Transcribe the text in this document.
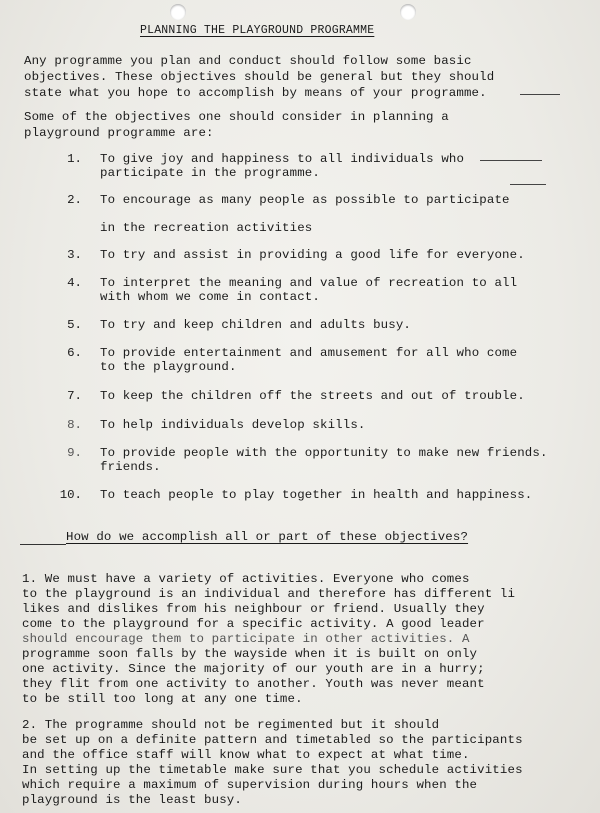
PLANNING THE PLAYGROUND PROGRAMME
Any programme you plan and conduct should follow some basic
objectives. These objectives should be general but they should
state what you hope to accomplish by means of your programme.
Some of the objectives one should consider in planning a
playground programme are:
1. To give joy and happiness to all individuals who
participate in the programme.
2. To encourage as many people as possible to participate
in the recreation activities
3. To try and assist in providing a good life for everyone.
4. To interpret the meaning and value of recreation to all
with whom we come in contact.
5. To try and keep children and adults busy.
6. To provide entertainment and amusement for all who come
to the playground.
7. To keep the children off the streets and out of trouble.
8. To help individuals develop skills.
9. To provide people with the opportunity to make new friends.
friends.
10. To teach people to play together in health and happiness.
How do we accomplish all or part of these objectives?
1. We must have a variety of activities. Everyone who comes
to the playground is an individual and therefore has different li
likes and dislikes from his neighbour or friend. Usually they
come to the playground for a specific activity. A good leader
should encourage them to participate in other activities. A
programme soon falls by the wayside when it is built on only
one activity. Since the majority of our youth are in a hurry;
they flit from one activity to another. Youth was never meant
to be still too long at any one time.
2. The programme should not be regimented but it should
be set up on a definite pattern and timetabled so the participants
and the office staff will know what to expect at what time.
In setting up the timetable make sure that you schedule activities
which require a maximum of supervision during hours when the
playground is the least busy.
